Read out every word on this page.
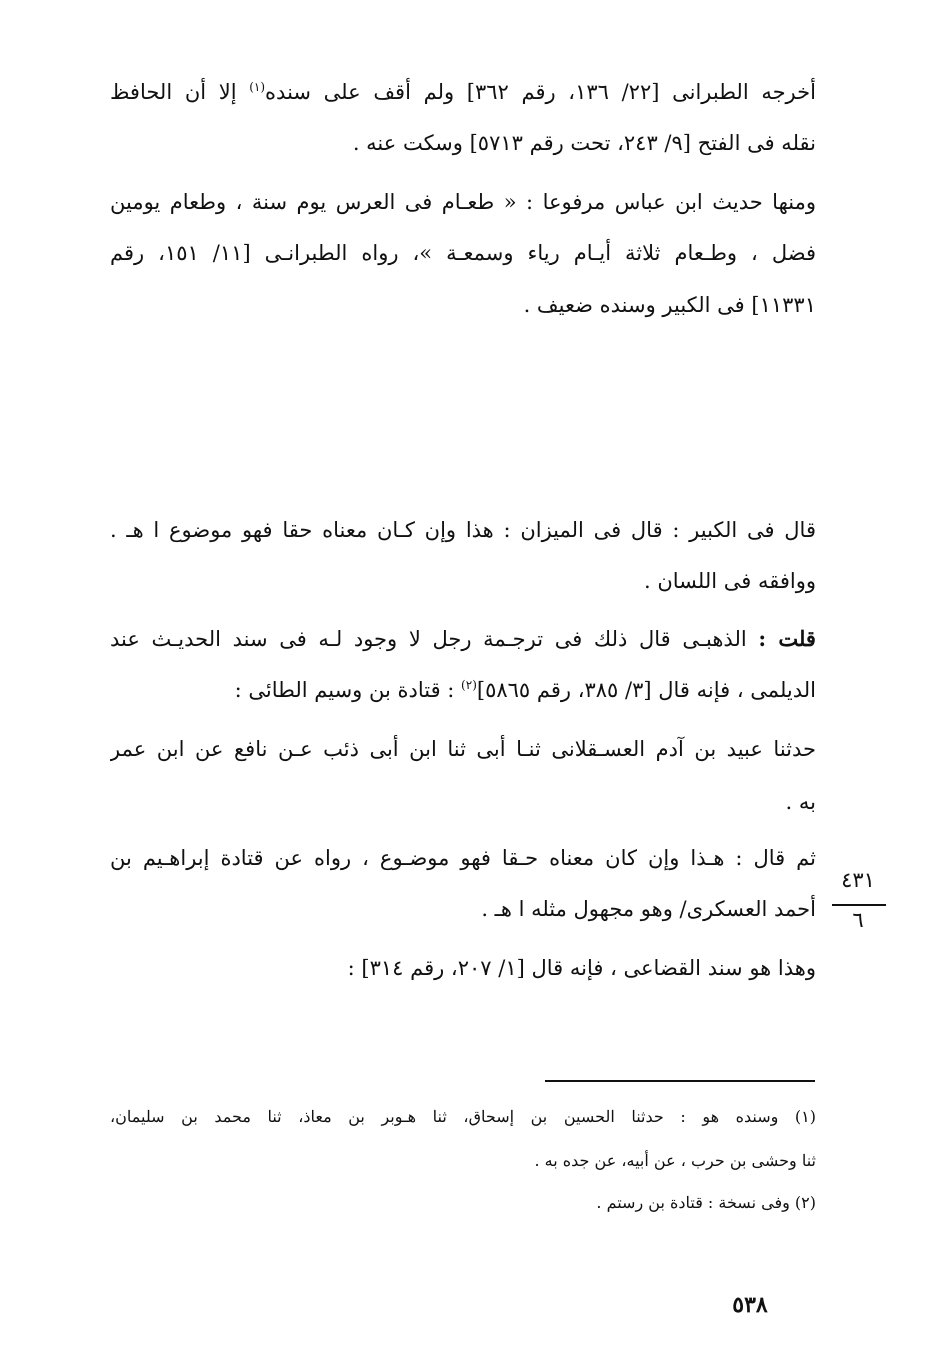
أخرجه الطبرانى [٢٢/ ١٣٦، رقم ٣٦٢] ولم أقف على سنده$^{(١)}$ إلا أن الحافظ
نقله فى الفتح [٩/ ٢٤٣، تحت رقم ٥٧١٣] وسكت عنه .
ومنها حديث ابن عباس مرفوعا : « طعـام فى العرس يوم سنة ، وطعام يومين
فضل ، وطـعام ثلاثة أيـام رياء وسمعـة »، رواه الطبرانـى [١١/ ١٥١، رقم
١١٣٣١] فى الكبير وسنده ضعيف .
قال فى الكبير : قال فى الميزان : هذا وإن كـان معناه حقا فهو موضوع ا هـ .
ووافقه فى اللسان .
قلت : الذهبـى قال ذلك فى ترجـمة رجل لا وجود لـه فى سند الحديـث عند
الديلمى ، فإنه قال [٣/ ٣٨٥، رقم ٥٨٦٥]$^{(٢)}$ : قتادة بن وسيم الطائى :
حدثنا عبيد بن آدم العسـقلانى ثنـا أبى ثنا ابن أبى ذئب عـن نافع عن ابن عمر
به .
ثم قال : هـذا وإن كان معناه حـقا فهو موضـوع ، رواه عن قتادة إبراهـيم بن
أحمد العسكرى/ وهو مجهول مثله ا هـ .
وهذا هو سند القضاعى ، فإنه قال [١/ ٢٠٧، رقم ٣١٤] :
٤٣١
٦
(١) وسنده هو : حدثنا الحسين بن إسحاق، ثنا هـوبر بن معاذ، ثنا محمد بن سليمان،
ثنا وحشى بن حرب ، عن أبيه، عن جده به .
(٢) وفى نسخة : قتادة بن رستم .
٥٣٨
